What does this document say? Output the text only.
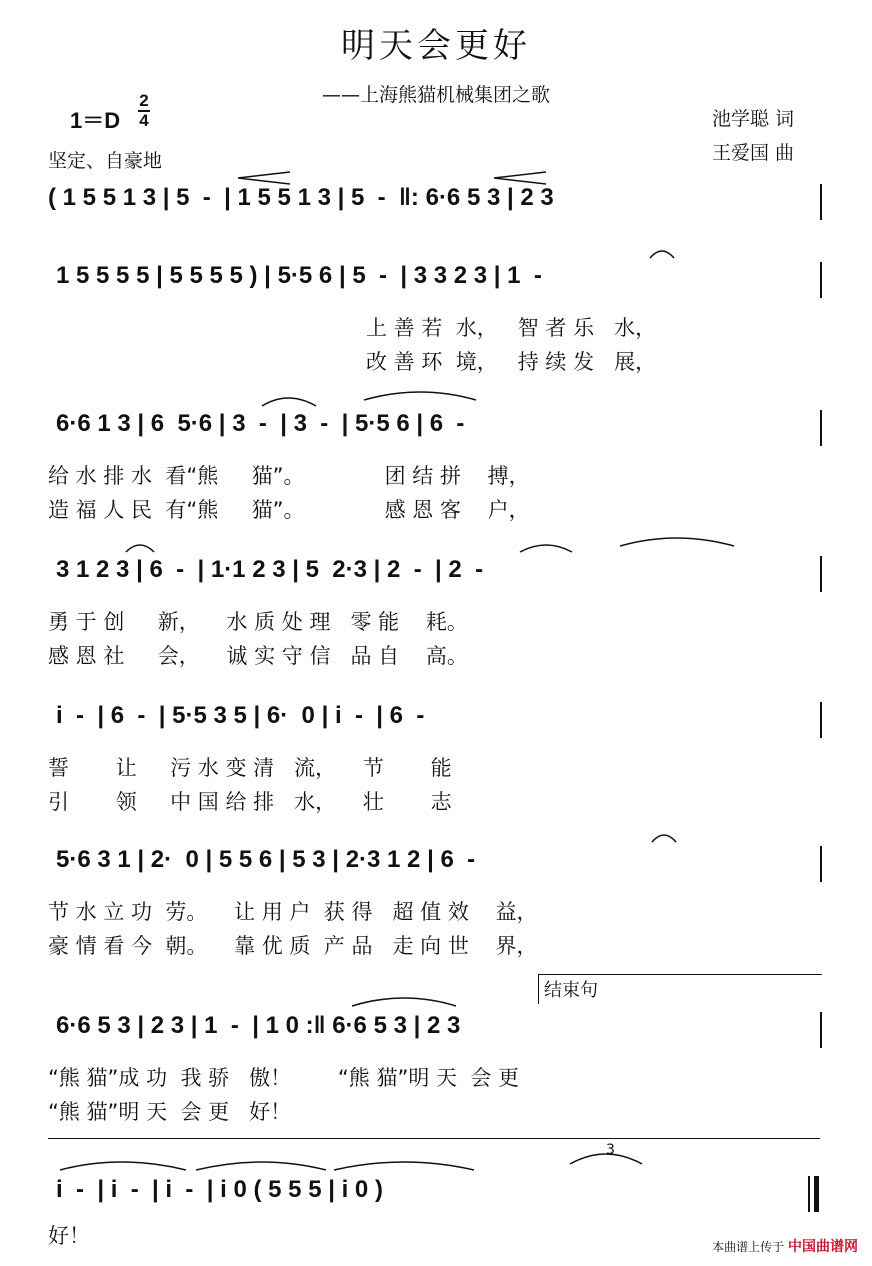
明天会更好
——上海熊猫机械集团之歌
1＝D
2
4
坚定、自豪地
池学聪 词
王爱国 曲
( 1 5 5 1 3 | 5  -  | 1 5 5 1 3 | 5  -  ‖: 6·6 5 3 | 2 3
1 5 5 5 5 | 5 5 5 5 ) | 5·5 6 | 5  -  | 3 3 2 3 | 1  -
上 善 若  水，   智 者 乐   水，
改 善 环  境，   持 续 发   展，
6·6 1 3 | 6  5·6 | 3  -  | 3  -  | 5·5 6 | 6  -
给 水 排 水  看“熊     猫”。            团 结 拼    搏，
造 福 人 民  有“熊     猫”。            感 恩 客    户，
3 1 2 3 | 6  -  | 1·1 2 3 | 5  2·3 | 2  -  | 2  -
勇 于 创     新，    水 质 处 理   零 能    耗。
感 恩 社     会，    诚 实 守 信   品 自    高。
i  -  | 6  -  | 5·5 3 5 | 6·  0 | i  -  | 6  -
誓       让     污 水 变 清   流，    节       能
引       领     中 国 给 排   水，    壮       志
5·6 3 1 | 2·  0 | 5 5 6 | 5 3 | 2·3 1 2 | 6  -
节 水 立 功  劳。    让 用 户  获 得   超 值 效    益，
豪 情 看 今  朝。    靠 优 质  产 品   走 向 世    界，
结束句
6·6 5 3 | 2 3 | 1  -  | 1 0 :‖ 6·6 5 3 | 2 3
“熊 猫”成 功  我 骄   傲！       “熊 猫”明 天  会 更
“熊 猫”明 天  会 更   好！
3
i  -  | i  -  | i  -  | i 0 ( 5 5 5 | i 0 )
好！	本曲谱上传于 中国曲谱网
